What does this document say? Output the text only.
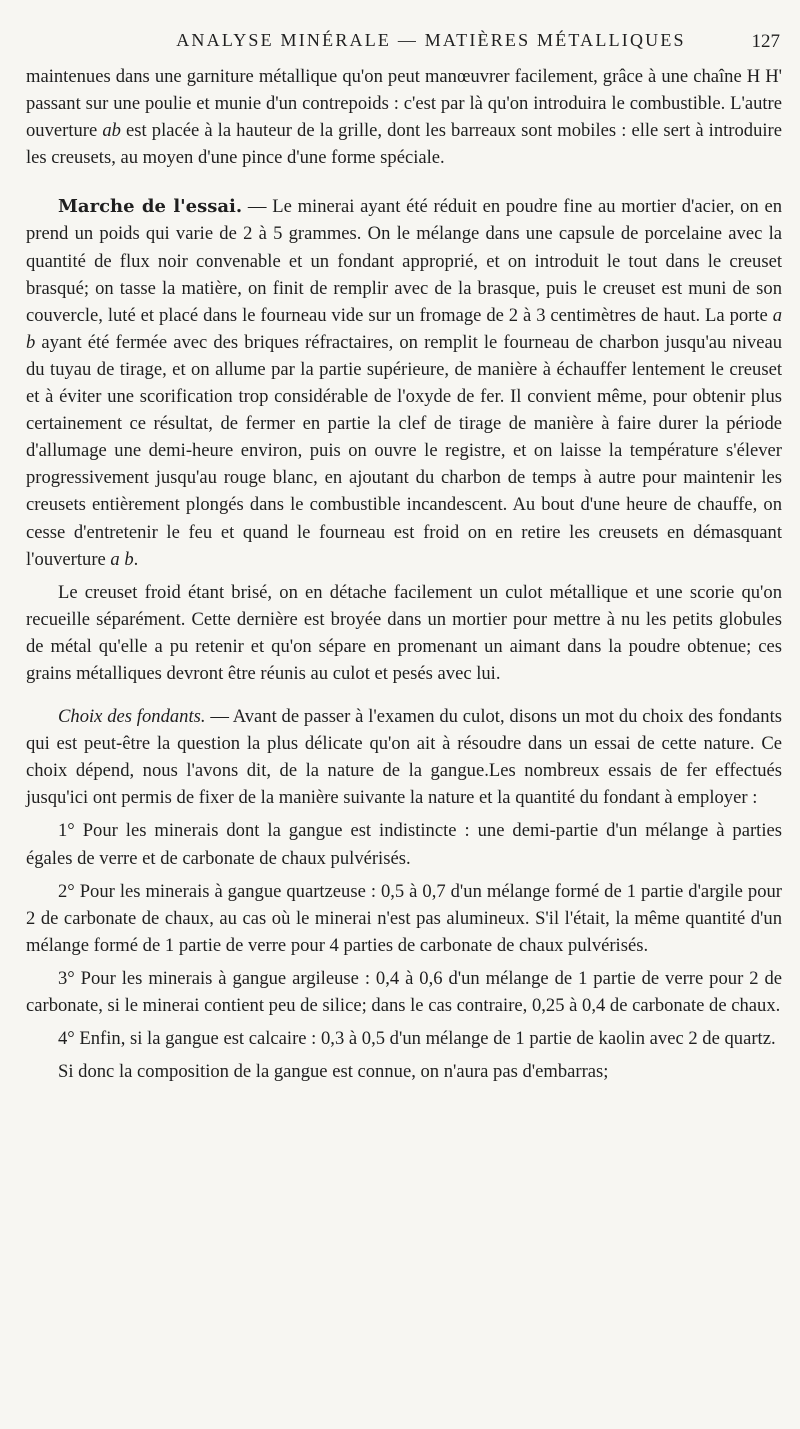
ANALYSE MINÉRALE — MATIÈRES MÉTALLIQUES	127

maintenues dans une garniture métallique qu'on peut manœuvrer facilement, grâce à une chaîne H H' passant sur une poulie et munie d'un contrepoids : c'est par là qu'on introduira le combustible. L'autre ouverture ab est placée à la hauteur de la grille, dont les barreaux sont mobiles : elle sert à introduire les creusets, au moyen d'une pince d'une forme spéciale.

Marche de l'essai. — Le minerai ayant été réduit en poudre fine au mortier d'acier, on en prend un poids qui varie de 2 à 5 grammes. On le mélange dans une capsule de porcelaine avec la quantité de flux noir convenable et un fondant approprié, et on introduit le tout dans le creuset brasqué; on tasse la matière, on finit de remplir avec de la brasque, puis le creuset est muni de son couvercle, luté et placé dans le fourneau vide sur un fromage de 2 à 3 centimètres de haut. La porte a b ayant été fermée avec des briques réfractaires, on remplit le fourneau de charbon jusqu'au niveau du tuyau de tirage, et on allume par la partie supérieure, de manière à échauffer lentement le creuset et à éviter une scorification trop considérable de l'oxyde de fer. Il convient même, pour obtenir plus certainement ce résultat, de fermer en partie la clef de tirage de manière à faire durer la période d'allumage une demi-heure environ, puis on ouvre le registre, et on laisse la température s'élever progressivement jusqu'au rouge blanc, en ajoutant du charbon de temps à autre pour maintenir les creusets entièrement plongés dans le combustible incandescent. Au bout d'une heure de chauffe, on cesse d'entretenir le feu et quand le fourneau est froid on en retire les creusets en démasquant l'ouverture a b.

Le creuset froid étant brisé, on en détache facilement un culot métallique et une scorie qu'on recueille séparément. Cette dernière est broyée dans un mortier pour mettre à nu les petits globules de métal qu'elle a pu retenir et qu'on sépare en promenant un aimant dans la poudre obtenue; ces grains métalliques devront être réunis au culot et pesés avec lui.

Choix des fondants. — Avant de passer à l'examen du culot, disons un mot du choix des fondants qui est peut-être la question la plus délicate qu'on ait à résoudre dans un essai de cette nature. Ce choix dépend, nous l'avons dit, de la nature de la gangue.Les nombreux essais de fer effectués jusqu'ici ont permis de fixer de la manière suivante la nature et la quantité du fondant à employer :

1° Pour les minerais dont la gangue est indistincte : une demi-partie d'un mélange à parties égales de verre et de carbonate de chaux pulvérisés.

2° Pour les minerais à gangue quartzeuse : 0,5 à 0,7 d'un mélange formé de 1 partie d'argile pour 2 de carbonate de chaux, au cas où le minerai n'est pas alumineux. S'il l'était, la même quantité d'un mélange formé de 1 partie de verre pour 4 parties de carbonate de chaux pulvérisés.

3° Pour les minerais à gangue argileuse : 0,4 à 0,6 d'un mélange de 1 partie de verre pour 2 de carbonate, si le minerai contient peu de silice; dans le cas contraire, 0,25 à 0,4 de carbonate de chaux.

4° Enfin, si la gangue est calcaire : 0,3 à 0,5 d'un mélange de 1 partie de kaolin avec 2 de quartz.

Si donc la composition de la gangue est connue, on n'aura pas d'embarras;
